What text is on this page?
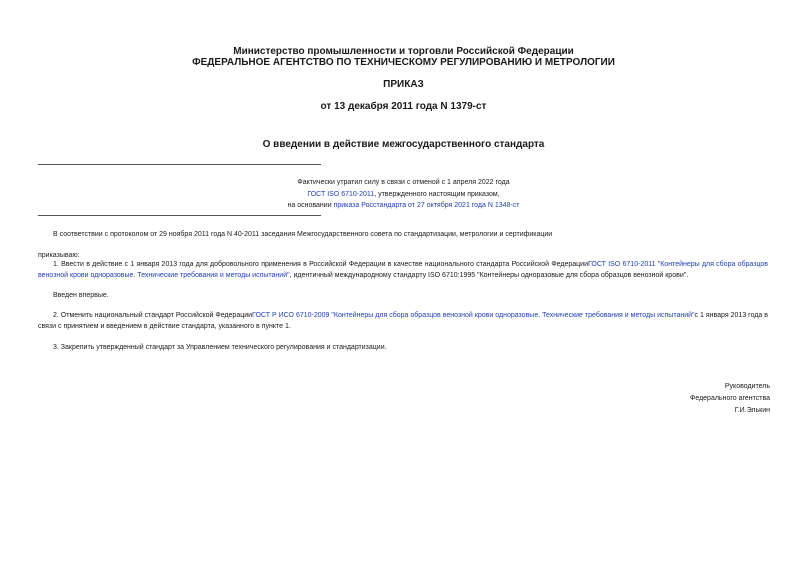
Министерство промышленности и торговли Российской Федерации
ФЕДЕРАЛЬНОЕ АГЕНТСТВО ПО ТЕХНИЧЕСКОМУ РЕГУЛИРОВАНИЮ И МЕТРОЛОГИИ
ПРИКАЗ
от 13 декабря 2011 года N 1379-ст
О введении в действие межгосударственного стандарта
Фактически утратил силу в связи с отменой с 1 апреля 2022 года
ГОСТ ISO 6710-2011, утвержденного настоящим приказом,
на основании приказа Росстандарта от 27 октября 2021 года N 1348-ст
В соответствии с протоколом от 29 ноября 2011 года N 40-2011 заседания Межгосударственного совета по стандартизации, метрологии и сертификации
приказываю:
1. Ввести в действие с 1 января 2013 года для добровольного применения в Российской Федерации в качестве национального стандарта Российской ФедерацииГОСТ ISO 6710-2011 "Контейнеры для сбора образцов венозной крови одноразовые. Технические требования и методы испытаний", идентичный международному стандарту ISO 6710:1995 "Контейнеры одноразовые для сбора образцов венозной крови".
Введен впервые.
2. Отменить национальный стандарт Российской ФедерацииГОСТ Р ИСО 6710-2009 "Контейнеры для сбора образцов венозной крови одноразовые. Технические требования и методы испытаний"с 1 января 2013 года в связи с принятием и введением в действие стандарта, указанного в пункте 1.
3. Закрепить утвержденный стандарт за Управлением технического регулирования и стандартизации.
Руководитель
Федерального агентства
Г.И.Элькин
